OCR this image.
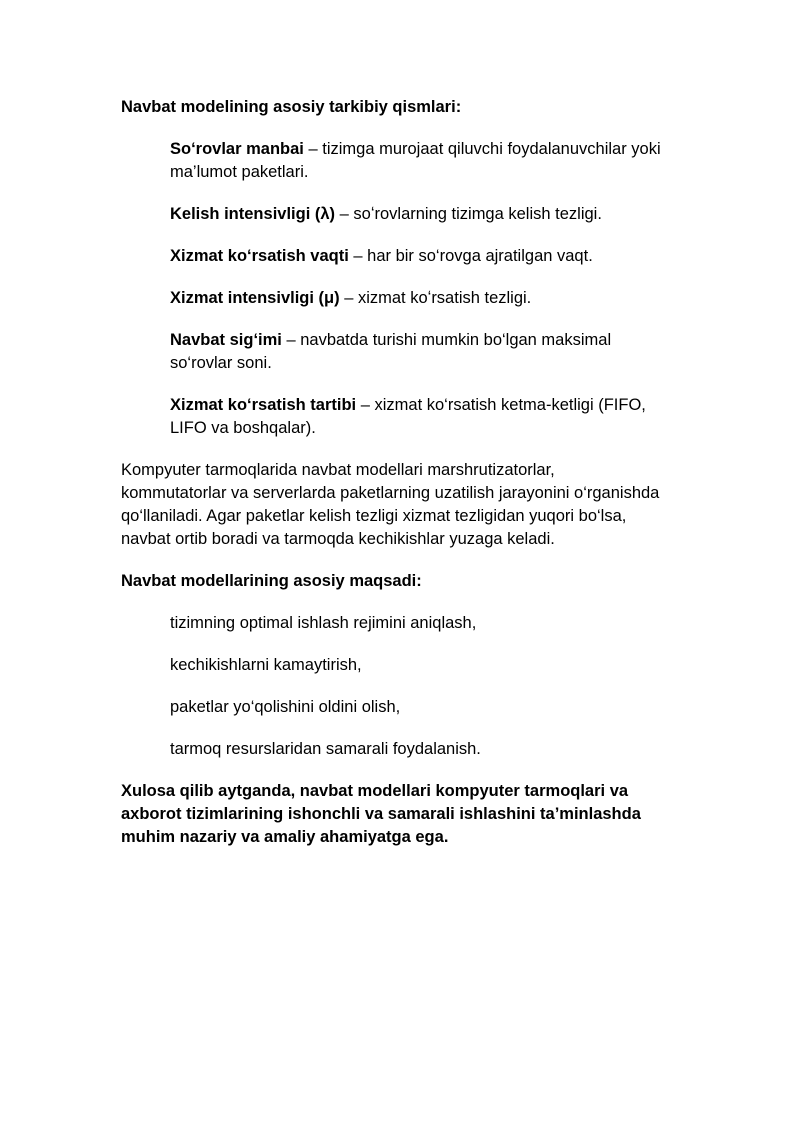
Navbat modelining asosiy tarkibiy qismlari:

So‘rovlar manbai – tizimga murojaat qiluvchi foydalanuvchilar yoki ma’lumot paketlari.
Kelish intensivligi (λ) – soʻrovlarning tizimga kelish tezligi.
Xizmat ko‘rsatish vaqti – har bir so‘rovga ajratilgan vaqt.
Xizmat intensivligi (μ) – xizmat koʻrsatish tezligi.
Navbat sig‘imi – navbatda turishi mumkin bo‘lgan maksimal so‘rovlar soni.
Xizmat ko‘rsatish tartibi – xizmat ko‘rsatish ketma-ketligi (FIFO, LIFO va boshqalar).

Kompyuter tarmoqlarida navbat modellari marshrutizatorlar, kommutatorlar va serverlarda paketlarning uzatilish jarayonini o‘rganishda qo‘llaniladi. Agar paketlar kelish tezligi xizmat tezligidan yuqori bo‘lsa, navbat ortib boradi va tarmoqda kechikishlar yuzaga keladi.

Navbat modellarining asosiy maqsadi:

tizimning optimal ishlash rejimini aniqlash,
kechikishlarni kamaytirish,
paketlar yo‘qolishini oldini olish,
tarmoq resurslaridan samarali foydalanish.

Xulosa qilib aytganda, navbat modellari kompyuter tarmoqlari va axborot tizimlarining ishonchli va samarali ishlashini ta’minlashda muhim nazariy va amaliy ahamiyatga ega.
